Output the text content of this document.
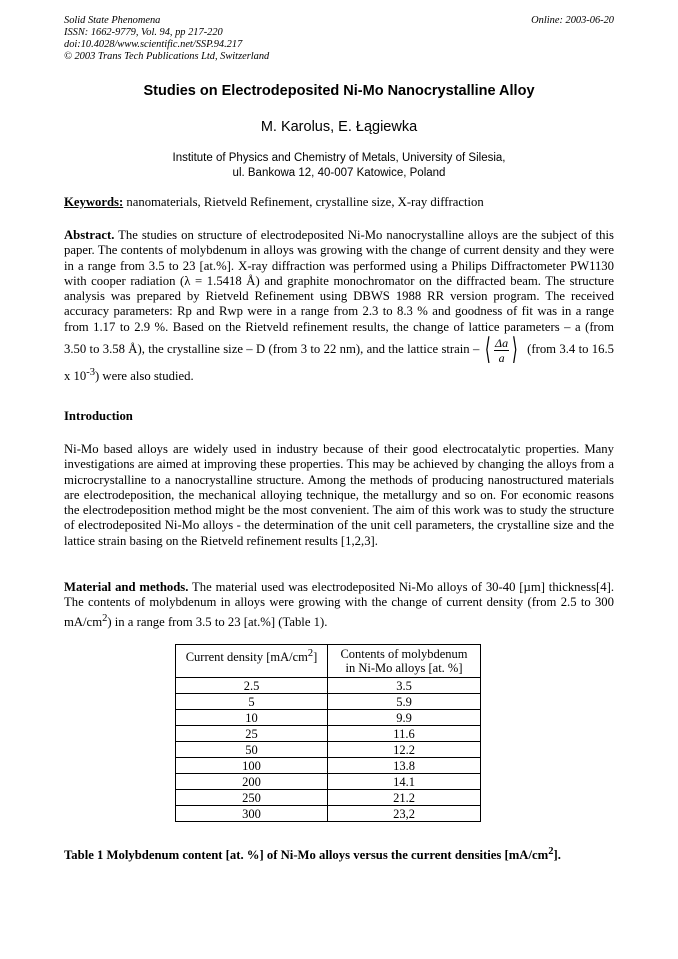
Solid State Phenomena
ISSN: 1662-9779, Vol. 94, pp 217-220
doi:10.4028/www.scientific.net/SSP.94.217
© 2003 Trans Tech Publications Ltd, Switzerland
Online: 2003-06-20
Studies on Electrodeposited Ni-Mo Nanocrystalline Alloy
M. Karolus, E. Łągiewka
Institute of Physics and Chemistry of Metals, University of Silesia,
ul. Bankowa 12, 40-007 Katowice, Poland
Keywords: nanomaterials, Rietveld Refinement, crystalline size, X-ray diffraction
Abstract. The studies on structure of electrodeposited Ni-Mo nanocrystalline alloys are the subject of this paper. The contents of molybdenum in alloys was growing with the change of current density and they were in a range from 3.5 to 23 [at.%]. X-ray diffraction was performed using a Philips Diffractometer PW1130 with cooper radiation (λ = 1.5418 Å) and graphite monochromator on the diffracted beam. The structure analysis was prepared by Rietveld Refinement using DBWS 1988 RR version program. The received accuracy parameters: Rp and Rwp were in a range from 2.3 to 8.3 % and goodness of fit was in a range from 1.17 to 2.9 %. Based on the Rietveld refinement results, the change of lattice parameters – a (from 3.50 to 3.58 Å), the crystalline size – D (from 3 to 22 nm), and the lattice strain – ⟨ $\frac{\Delta a}{a}$ ⟩ (from 3.4 to 16.5 x $10^{-3}$) were also studied.
Introduction
Ni-Mo based alloys are widely used in industry because of their good electrocatalytic properties. Many investigations are aimed at improving these properties. This may be achieved by changing the alloys from a microcrystalline to a nanocrystalline structure. Among the methods of producing nanostructured materials are electrodeposition, the mechanical alloying technique, the metallurgy and so on. For economic reasons the electrodeposition method might be the most convenient. The aim of this work was to study the structure of electrodeposited Ni-Mo alloys - the determination of the unit cell parameters, the crystalline size and the lattice strain basing on the Rietveld refinement results [1,2,3].
Material and methods. The material used was electrodeposited Ni-Mo alloys of 30-40 [µm] thickness[4]. The contents of molybdenum in alloys were growing with the change of current density (from 2.5 to 300 $mA/cm^2$) in a range from 3.5 to 23 [at.%] (Table 1).
Current density $[mA/cm^2]$	Contents of molybdenum
in Ni-Mo alloys [at. %]
2.5	3.5
5	5.9
10	9.9
25	11.6
50	12.2
100	13.8
200	14.1
250	21.2
300	23,2
Table 1 Molybdenum content [at. %] of Ni-Mo alloys versus the current densities $[mA/cm^2]$.
